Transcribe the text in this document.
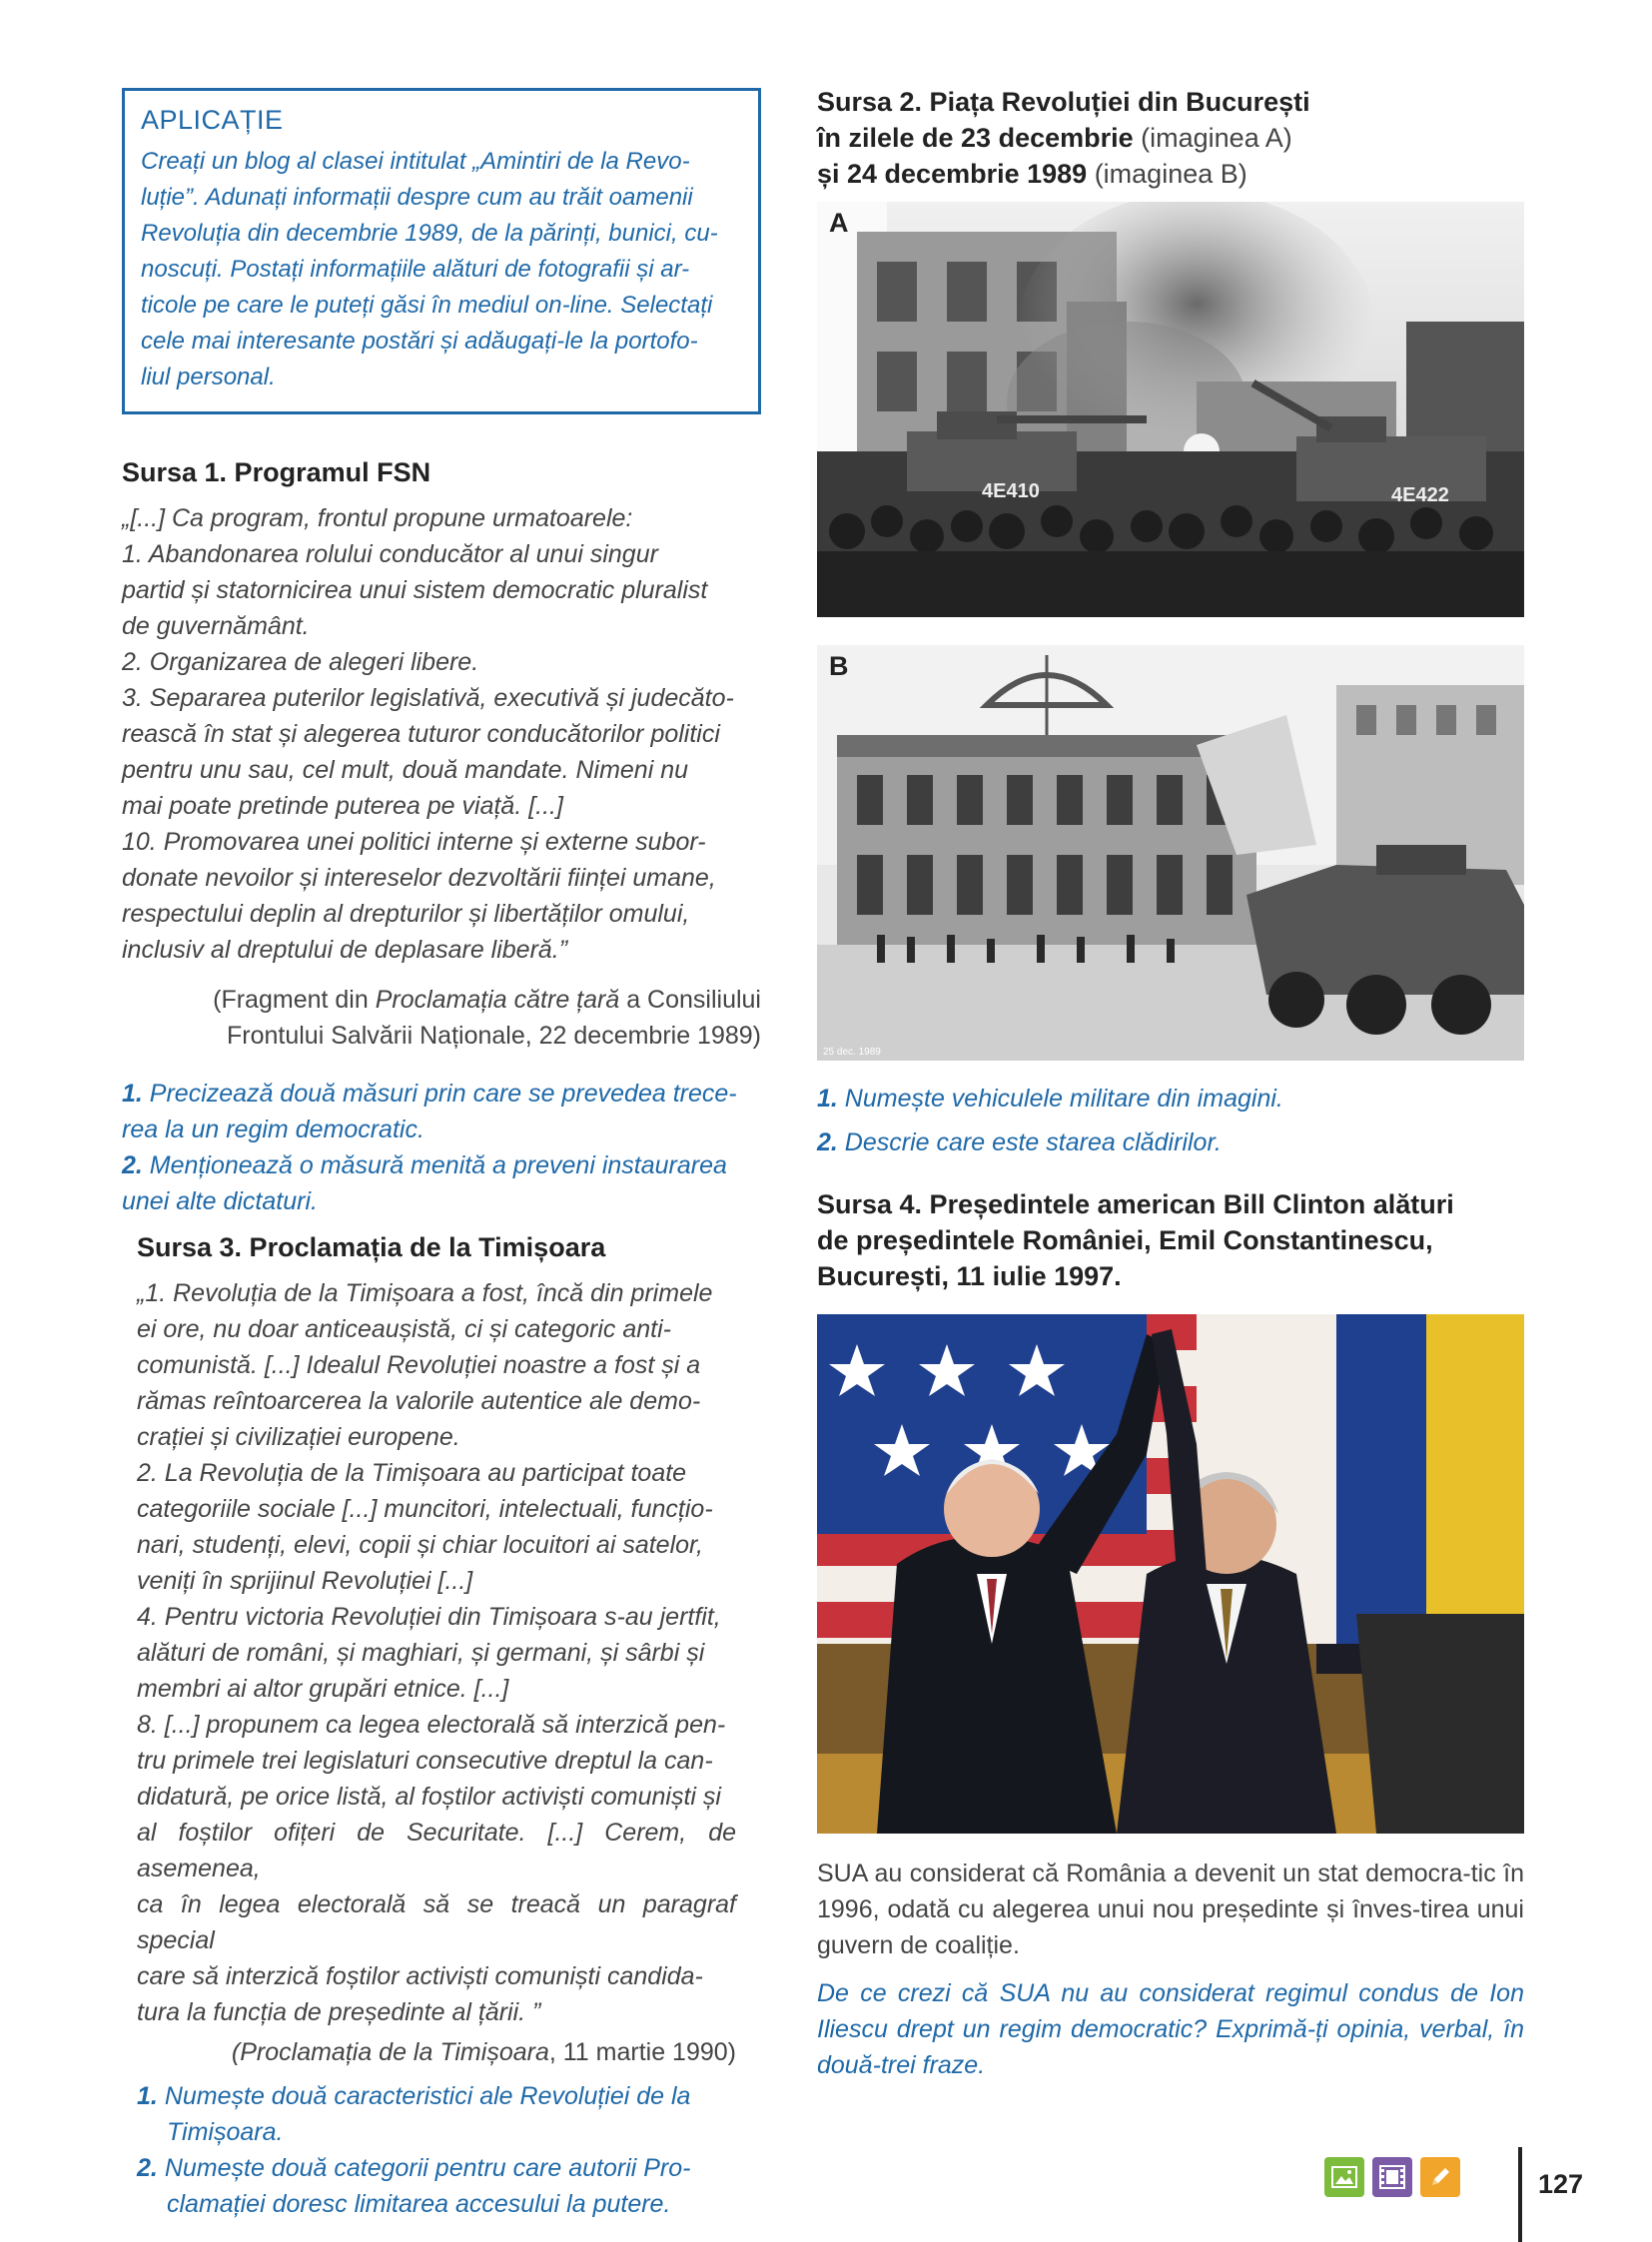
APLICAȚIE
Creați un blog al clasei intitulat „Amintiri de la Revo-
luție”. Adunați informații despre cum au trăit oamenii
Revoluția din decembrie 1989, de la părinți, bunici, cu-
noscuți. Postați informațiile alături de fotografii și ar-
ticole pe care le puteți găsi în mediul on-line. Selectați
cele mai interesante postări și adăugați-le la portofo-
liul personal.
Sursa 1. Programul FSN

„[...] Ca program, frontul propune urmatoarele:

1. Abandonarea rolului conducător al unui singur

partid și statornicirea unui sistem democratic pluralist

de guvernământ.

2. Organizarea de alegeri libere.

3. Separarea puterilor legislativă, executivă și judecăto-

rească în stat și alegerea tuturor conducătorilor politici

pentru unu sau, cel mult, două mandate. Nimeni nu

mai poate pretinde puterea pe viață. [...]

10. Promovarea unei politici interne și externe subor-

donate nevoilor și intereselor dezvoltării ființei umane,

respectului deplin al drepturilor și libertăților omului,

inclusiv al dreptului de deplasare liberă.”

(Fragment din Proclamația către țară a Consiliului
Frontului Salvării Naționale, 22 decembrie 1989)
1. Precizează două măsuri prin care se prevedea trece-rea la un regim democratic.
2. Menționează o măsură menită a preveni instaurarea unei alte dictaturi.
Sursa 3. Proclamația de la Timișoara

„1. Revoluția de la Timișoara a fost, încă din primele

ei ore, nu doar anticeaușistă, ci și categoric anti-

comunistă. [...] Idealul Revoluției noastre a fost și a

rămas reîntoarcerea la valorile autentice ale demo-

crației și civilizației europene.

2. La Revoluția de la Timișoara au participat toate

categoriile sociale [...] muncitori, intelectuali, funcțio-

nari, studenți, elevi, copii și chiar locuitori ai satelor,

veniți în sprijinul Revoluției [...]

4. Pentru victoria Revoluției din Timișoara s-au jertfit,

alături de români, și maghiari, și germani, și sârbi și

membri ai altor grupări etnice. [...]

8. [...] propunem ca legea electorală să interzică pen-

tru primele trei legislaturi consecutive dreptul la can-

didatură, pe orice listă, al foștilor activiști comuniști și

al foștilor ofițeri de Securitate. [...] Cerem, de asemenea,

ca în legea electorală să se treacă un paragraf special

care să interzică foștilor activiști comuniști candida-

tura la funcția de președinte al țării. ”

(Proclamația de la Timișoara, 11 martie 1990)
1. Numește două caracteristici ale Revoluției de la Timișoara.
2. Numește două categorii pentru care autorii Pro-clamației doresc limitarea accesului la putere.
Sursa 2. Piața Revoluției din București
în zilele de 23 decembrie (imaginea A)
și 24 decembrie 1989 (imaginea B)
4E410	4E422
A
25 dec. 1989
B
1. Numește vehiculele militare din imagini.
2. Descrie care este starea clădirilor.
Sursa 4. Președintele american Bill Clinton alături
de președintele României, Emil Constantinescu,
București, 11 iulie 1997.
SUA au considerat că România a devenit un stat democra-tic în 1996, odată cu alegerea unui nou președinte și înves-tirea unui guvern de coaliție.
De ce crezi că SUA nu au considerat regimul condus de Ion Iliescu drept un regim democratic? Exprimă-ți opinia, verbal, în două-trei fraze.
127
